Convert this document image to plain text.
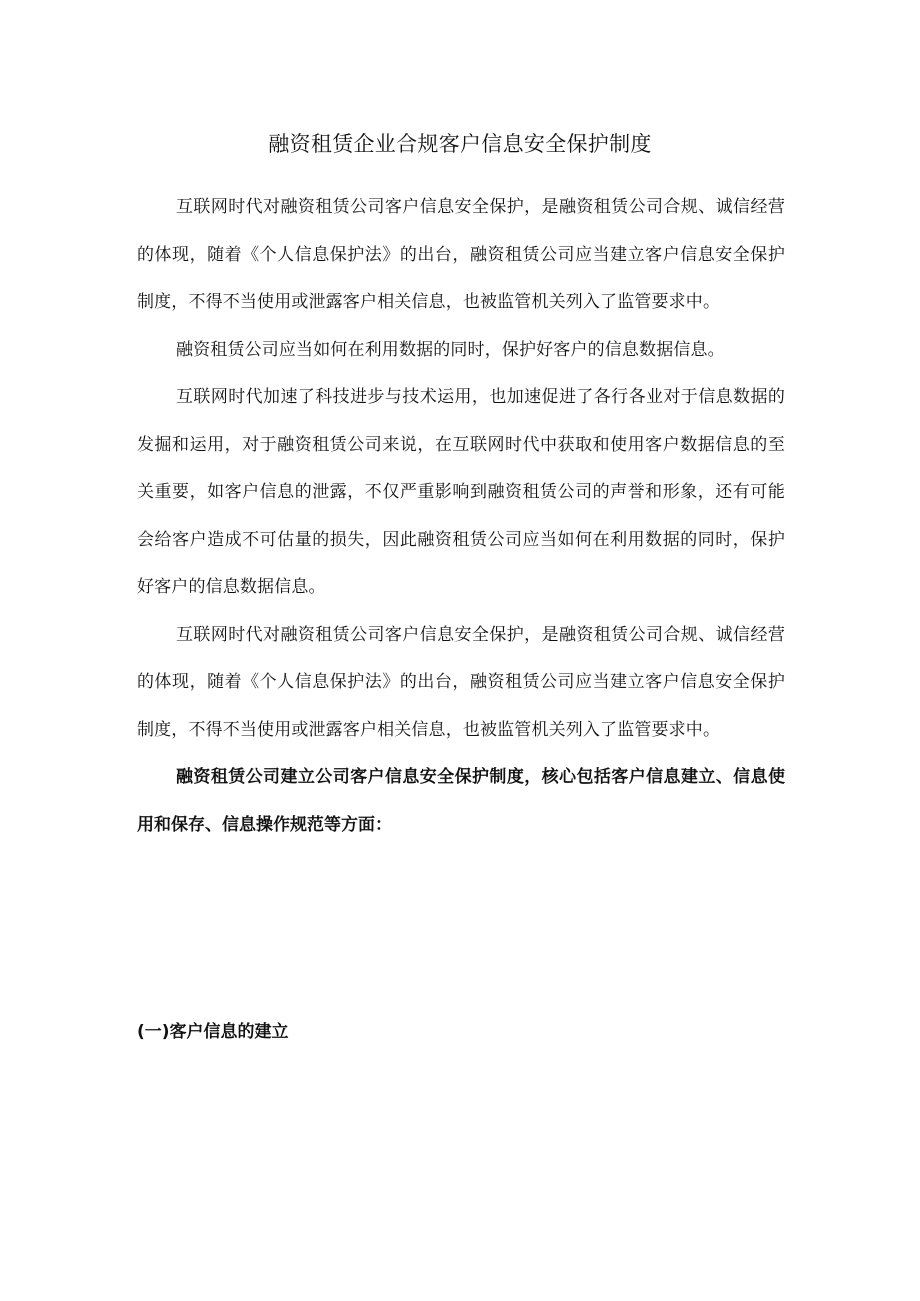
融资租赁企业合规客户信息安全保护制度

互联网时代对融资租赁公司客户信息安全保护，是融资租赁公司合规、诚信经营的体现，随着《个人信息保护法》的出台，融资租赁公司应当建立客户信息安全保护制度，不得不当使用或泄露客户相关信息，也被监管机关列入了监管要求中。

融资租赁公司应当如何在利用数据的同时，保护好客户的信息数据信息。

互联网时代加速了科技进步与技术运用，也加速促进了各行各业对于信息数据的发掘和运用，对于融资租赁公司来说，在互联网时代中获取和使用客户数据信息的至关重要，如客户信息的泄露，不仅严重影响到融资租赁公司的声誉和形象，还有可能会给客户造成不可估量的损失，因此融资租赁公司应当如何在利用数据的同时，保护好客户的信息数据信息。

互联网时代对融资租赁公司客户信息安全保护，是融资租赁公司合规、诚信经营的体现，随着《个人信息保护法》的出台，融资租赁公司应当建立客户信息安全保护制度，不得不当使用或泄露客户相关信息，也被监管机关列入了监管要求中。

融资租赁公司建立公司客户信息安全保护制度，核心包括客户信息建立、信息使用和保存、信息操作规范等方面：

(一)客户信息的建立
